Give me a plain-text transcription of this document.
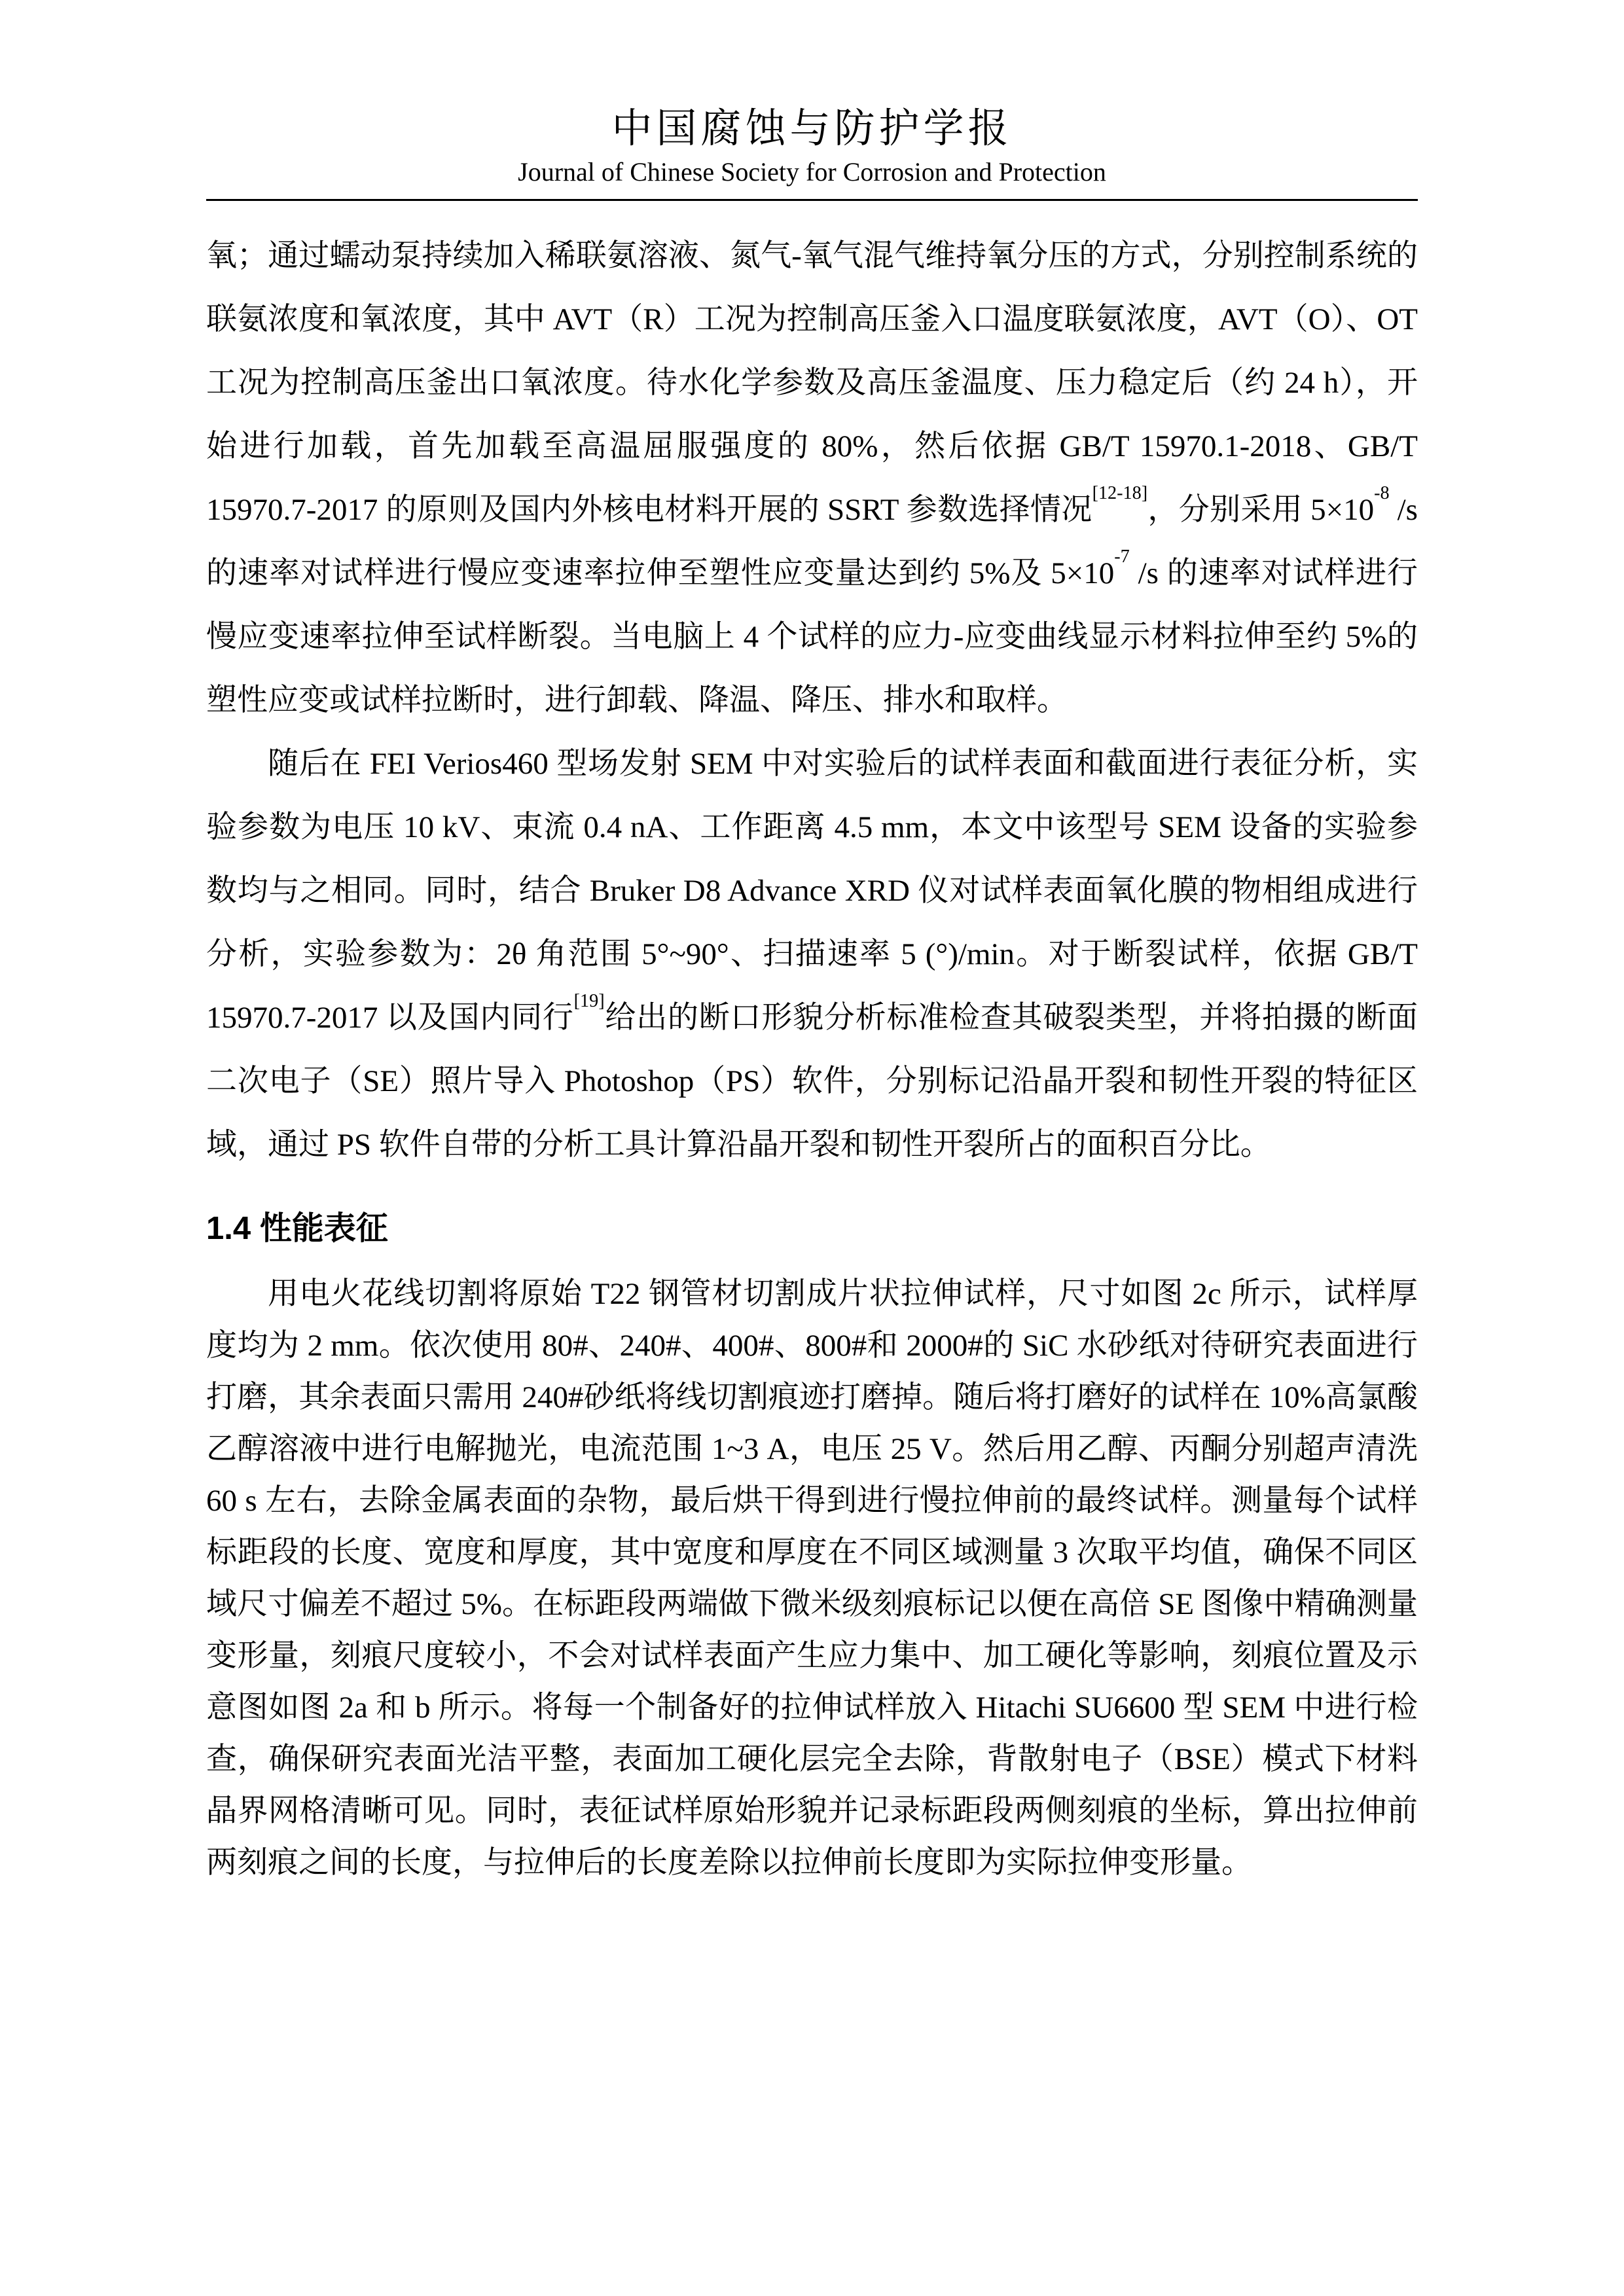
中国腐蚀与防护学报
Journal of Chinese Society for Corrosion and Protection

氧；通过蠕动泵持续加入稀联氨溶液、氮气-氧气混气维持氧分压的方式，分别控制系统的联氨浓度和氧浓度，其中 AVT（R）工况为控制高压釜入口温度联氨浓度，AVT（O）、OT 工况为控制高压釜出口氧浓度。待水化学参数及高压釜温度、压力稳定后（约 24 h），开始进行加载，首先加载至高温屈服强度的 80%，然后依据 GB/T 15970.1-2018、GB/T 15970.7-2017 的原则及国内外核电材料开展的 SSRT 参数选择情况[12-18]，分别采用 5×10$^{-8}$ /s 的速率对试样进行慢应变速率拉伸至塑性应变量达到约 5%及 5×10$^{-7}$ /s 的速率对试样进行慢应变速率拉伸至试样断裂。当电脑上 4 个试样的应力-应变曲线显示材料拉伸至约 5%的塑性应变或试样拉断时，进行卸载、降温、降压、排水和取样。

随后在 FEI Verios460 型场发射 SEM 中对实验后的试样表面和截面进行表征分析，实验参数为电压 10 kV、束流 0.4 nA、工作距离 4.5 mm，本文中该型号 SEM 设备的实验参数均与之相同。同时，结合 Bruker D8 Advance XRD 仪对试样表面氧化膜的物相组成进行分析，实验参数为：2θ 角范围 5°~90°、扫描速率 5 (°)/min。对于断裂试样，依据 GB/T 15970.7-2017 以及国内同行[19]给出的断口形貌分析标准检查其破裂类型，并将拍摄的断面二次电子（SE）照片导入 Photoshop（PS）软件，分别标记沿晶开裂和韧性开裂的特征区域，通过 PS 软件自带的分析工具计算沿晶开裂和韧性开裂所占的面积百分比。

1.4 性能表征

用电火花线切割将原始 T22 钢管材切割成片状拉伸试样，尺寸如图 2c 所示，试样厚度均为 2 mm。依次使用 80#、240#、400#、800#和 2000#的 SiC 水砂纸对待研究表面进行打磨，其余表面只需用 240#砂纸将线切割痕迹打磨掉。随后将打磨好的试样在 10%高氯酸乙醇溶液中进行电解抛光，电流范围 1~3 A，电压 25 V。然后用乙醇、丙酮分别超声清洗 60 s 左右，去除金属表面的杂物，最后烘干得到进行慢拉伸前的最终试样。测量每个试样标距段的长度、宽度和厚度，其中宽度和厚度在不同区域测量 3 次取平均值，确保不同区域尺寸偏差不超过 5%。在标距段两端做下微米级刻痕标记以便在高倍 SE 图像中精确测量变形量，刻痕尺度较小，不会对试样表面产生应力集中、加工硬化等影响，刻痕位置及示意图如图 2a 和 b 所示。将每一个制备好的拉伸试样放入 Hitachi SU6600 型 SEM 中进行检查，确保研究表面光洁平整，表面加工硬化层完全去除，背散射电子（BSE）模式下材料晶界网格清晰可见。同时，表征试样原始形貌并记录标距段两侧刻痕的坐标，算出拉伸前两刻痕之间的长度，与拉伸后的长度差除以拉伸前长度即为实际拉伸变形量。
